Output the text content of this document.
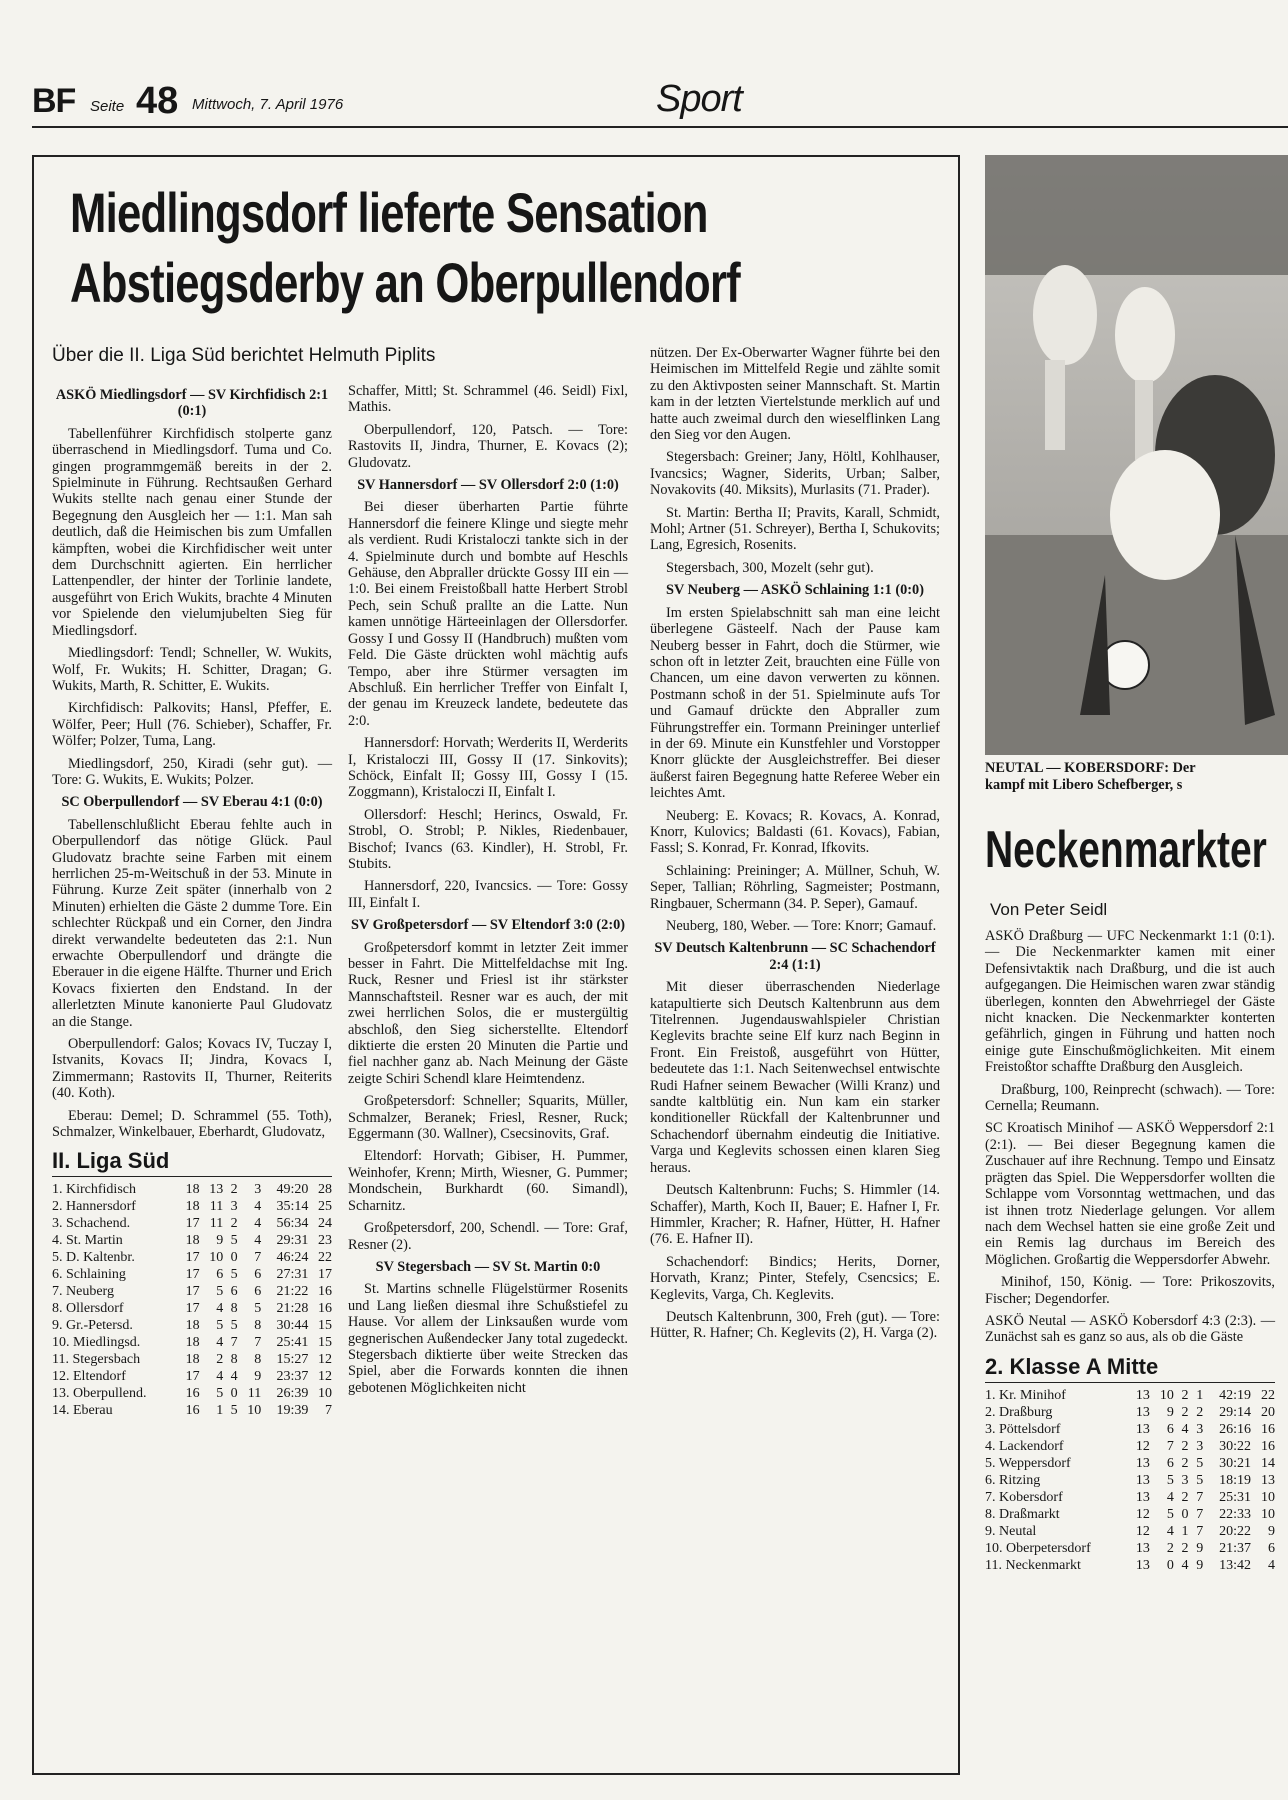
BF Seite 48 Mittwoch, 7. April 1976	Sport
Miedlingsdorf lieferte Sensation
Abstiegsderby an Oberpullendorf
Über die II. Liga Süd berichtet Helmuth Piplits
ASKÖ Miedlingsdorf — SV Kirchfidisch 2:1 (0:1)

Tabellenführer Kirchfidisch stolperte ganz überraschend in Miedlingsdorf. Tuma und Co. gingen programmgemäß bereits in der 2. Spielminute in Führung. Rechtsaußen Gerhard Wukits stellte nach genau einer Stunde der Begegnung den Ausgleich her — 1:1. Man sah deutlich, daß die Heimischen bis zum Umfallen kämpften, wobei die Kirchfidischer weit unter dem Durchschnitt agierten. Ein herrlicher Lattenpendler, der hinter der Torlinie landete, ausgeführt von Erich Wukits, brachte 4 Minuten vor Spielende den vielumjubelten Sieg für Miedlingsdorf.

Miedlingsdorf: Tendl; Schneller, W. Wukits, Wolf, Fr. Wukits; H. Schitter, Dragan; G. Wukits, Marth, R. Schitter, E. Wukits.

Kirchfidisch: Palkovits; Hansl, Pfeffer, E. Wölfer, Peer; Hull (76. Schieber), Schaffer, Fr. Wölfer; Polzer, Tuma, Lang.

Miedlingsdorf, 250, Kiradi (sehr gut). — Tore: G. Wukits, E. Wukits; Polzer.

SC Oberpullendorf — SV Eberau 4:1 (0:0)

Tabellenschlußlicht Eberau fehlte auch in Oberpullendorf das nötige Glück. Paul Gludovatz brachte seine Farben mit einem herrlichen 25-m-Weitschuß in der 53. Minute in Führung. Kurze Zeit später (innerhalb von 2 Minuten) erhielten die Gäste 2 dumme Tore. Ein schlechter Rückpaß und ein Corner, den Jindra direkt verwandelte bedeuteten das 2:1. Nun erwachte Oberpullendorf und drängte die Eberauer in die eigene Hälfte. Thurner und Erich Kovacs fixierten den Endstand. In der allerletzten Minute kanonierte Paul Gludovatz an die Stange.

Oberpullendorf: Galos; Kovacs IV, Tuczay I, Istvanits, Kovacs II; Jindra, Kovacs I, Zimmermann; Rastovits II, Thurner, Reiterits (40. Koth).

Eberau: Demel; D. Schrammel (55. Toth), Schmalzer, Winkelbauer, Eberhardt, Gludovatz,

II. Liga Süd
1. Kirchfidisch	18	13	2	3	49:20	28
2. Hannersdorf	18	11	3	4	35:14	25
3. Schachend.	17	11	2	4	56:34	24
4. St. Martin	18	9	5	4	29:31	23
5. D. Kaltenbr.	17	10	0	7	46:24	22
6. Schlaining	17	6	5	6	27:31	17
7. Neuberg	17	5	6	6	21:22	16
8. Ollersdorf	17	4	8	5	21:28	16
9. Gr.-Petersd.	18	5	5	8	30:44	15
10. Miedlingsd.	18	4	7	7	25:41	15
11. Stegersbach	18	2	8	8	15:27	12
12. Eltendorf	17	4	4	9	23:37	12
13. Oberpullend.	16	5	0	11	26:39	10
14. Eberau	16	1	5	10	19:39	7

Schaffer, Mittl; St. Schrammel (46. Seidl) Fixl, Mathis.

Oberpullendorf, 120, Patsch. — Tore: Rastovits II, Jindra, Thurner, E. Kovacs (2); Gludovatz.

SV Hannersdorf — SV Ollersdorf 2:0 (1:0)

Bei dieser überharten Partie führte Hannersdorf die feinere Klinge und siegte mehr als verdient. Rudi Kristaloczi tankte sich in der 4. Spielminute durch und bombte auf Heschls Gehäuse, den Abpraller drückte Gossy III ein — 1:0. Bei einem Freistoßball hatte Herbert Strobl Pech, sein Schuß prallte an die Latte. Nun kamen unnötige Härteeinlagen der Ollersdorfer. Gossy I und Gossy II (Handbruch) mußten vom Feld. Die Gäste drückten wohl mächtig aufs Tempo, aber ihre Stürmer versagten im Abschluß. Ein herrlicher Treffer von Einfalt I, der genau im Kreuzeck landete, bedeutete das 2:0.

Hannersdorf: Horvath; Werderits II, Werderits I, Kristaloczi III, Gossy II (17. Sinkovits); Schöck, Einfalt II; Gossy III, Gossy I (15. Zoggmann), Kristaloczi II, Einfalt I.

Ollersdorf: Heschl; Herincs, Oswald, Fr. Strobl, O. Strobl; P. Nikles, Riedenbauer, Bischof; Ivancs (63. Kindler), H. Strobl, Fr. Stubits.

Hannersdorf, 220, Ivancsics. — Tore: Gossy III, Einfalt I.

SV Großpetersdorf — SV Eltendorf 3:0 (2:0)

Großpetersdorf kommt in letzter Zeit immer besser in Fahrt. Die Mittelfeldachse mit Ing. Ruck, Resner und Friesl ist ihr stärkster Mannschaftsteil. Resner war es auch, der mit zwei herrlichen Solos, die er mustergültig abschloß, den Sieg sicherstellte. Eltendorf diktierte die ersten 20 Minuten die Partie und fiel nachher ganz ab. Nach Meinung der Gäste zeigte Schiri Schendl klare Heimtendenz.

Großpetersdorf: Schneller; Squarits, Müller, Schmalzer, Beranek; Friesl, Resner, Ruck; Eggermann (30. Wallner), Csecsinovits, Graf.

Eltendorf: Horvath; Gibiser, H. Pummer, Weinhofer, Krenn; Mirth, Wiesner, G. Pummer; Mondschein, Burkhardt (60. Simandl), Scharnitz.

Großpetersdorf, 200, Schendl. — Tore: Graf, Resner (2).

SV Stegersbach — SV St. Martin 0:0

St. Martins schnelle Flügelstürmer Rosenits und Lang ließen diesmal ihre Schußstiefel zu Hause. Vor allem der Linksaußen wurde vom gegnerischen Außendecker Jany total zugedeckt. Stegersbach diktierte über weite Strecken das Spiel, aber die Forwards konnten die ihnen gebotenen Möglichkeiten nicht

nützen. Der Ex-Oberwarter Wagner führte bei den Heimischen im Mittelfeld Regie und zählte somit zu den Aktivposten seiner Mannschaft. St. Martin kam in der letzten Viertelstunde merklich auf und hatte auch zweimal durch den wieselflinken Lang den Sieg vor den Augen.

Stegersbach: Greiner; Jany, Höltl, Kohlhauser, Ivancsics; Wagner, Siderits, Urban; Salber, Novakovits (40. Miksits), Murlasits (71. Prader).

St. Martin: Bertha II; Pravits, Karall, Schmidt, Mohl; Artner (51. Schreyer), Bertha I, Schukovits; Lang, Egresich, Rosenits.

Stegersbach, 300, Mozelt (sehr gut).

SV Neuberg — ASKÖ Schlaining 1:1 (0:0)

Im ersten Spielabschnitt sah man eine leicht überlegene Gästeelf. Nach der Pause kam Neuberg besser in Fahrt, doch die Stürmer, wie schon oft in letzter Zeit, brauchten eine Fülle von Chancen, um eine davon verwerten zu können. Postmann schoß in der 51. Spielminute aufs Tor und Gamauf drückte den Abpraller zum Führungstreffer ein. Tormann Preininger unterlief in der 69. Minute ein Kunstfehler und Vorstopper Knorr glückte der Ausgleichstreffer. Bei dieser äußerst fairen Begegnung hatte Referee Weber ein leichtes Amt.

Neuberg: E. Kovacs; R. Kovacs, A. Konrad, Knorr, Kulovics; Baldasti (61. Kovacs), Fabian, Fassl; S. Konrad, Fr. Konrad, Ifkovits.

Schlaining: Preininger; A. Müllner, Schuh, W. Seper, Tallian; Röhrling, Sagmeister; Postmann, Ringbauer, Schermann (34. P. Seper), Gamauf.

Neuberg, 180, Weber. — Tore: Knorr; Gamauf.

SV Deutsch Kaltenbrunn — SC Schachendorf 2:4 (1:1)

Mit dieser überraschenden Niederlage katapultierte sich Deutsch Kaltenbrunn aus dem Titelrennen. Jugendauswahlspieler Christian Keglevits brachte seine Elf kurz nach Beginn in Front. Ein Freistoß, ausgeführt von Hütter, bedeutete das 1:1. Nach Seitenwechsel entwischte Rudi Hafner seinem Bewacher (Willi Kranz) und sandte kaltblütig ein. Nun kam ein starker konditioneller Rückfall der Kaltenbrunner und Schachendorf übernahm eindeutig die Initiative. Varga und Keglevits schossen einen klaren Sieg heraus.

Deutsch Kaltenbrunn: Fuchs; S. Himmler (14. Schaffer), Marth, Koch II, Bauer; E. Hafner I, Fr. Himmler, Kracher; R. Hafner, Hütter, H. Hafner (76. E. Hafner II).

Schachendorf: Bindics; Herits, Dorner, Horvath, Kranz; Pinter, Stefely, Csencsics; E. Keglevits, Varga, Ch. Keglevits.

Deutsch Kaltenbrunn, 300, Freh (gut). — Tore: Hütter, R. Hafner; Ch. Keglevits (2), H. Varga (2).

NEUTAL — KOBERSDORF: Der
kampf mit Libero Schefberger, s
Neckenmarkter
Von Peter Seidl

ASKÖ Draßburg — UFC Neckenmarkt 1:1 (0:1). — Die Neckenmarkter kamen mit einer Defensivtaktik nach Draßburg, und die ist auch aufgegangen. Die Heimischen waren zwar ständig überlegen, konnten den Abwehrriegel der Gäste nicht knacken. Die Neckenmarkter konterten gefährlich, gingen in Führung und hatten noch einige gute Einschußmöglichkeiten. Mit einem Freistoßtor schaffte Draßburg den Ausgleich.

Draßburg, 100, Reinprecht (schwach). — Tore: Cernella; Reumann.

SC Kroatisch Minihof — ASKÖ Weppersdorf 2:1 (2:1). — Bei dieser Begegnung kamen die Zuschauer auf ihre Rechnung. Tempo und Einsatz prägten das Spiel. Die Weppersdorfer wollten die Schlappe vom Vorsonntag wettmachen, und das ist ihnen trotz Niederlage gelungen. Vor allem nach dem Wechsel hatten sie eine große Zeit und ein Remis lag durchaus im Bereich des Möglichen. Großartig die Weppersdorfer Abwehr.

Minihof, 150, König. — Tore: Prikoszovits, Fischer; Degendorfer.

ASKÖ Neutal — ASKÖ Kobersdorf 4:3 (2:3). — Zunächst sah es ganz so aus, als ob die Gäste

2. Klasse A Mitte
1. Kr. Minihof	13	10	2	1	42:19	22
2. Draßburg	13	9	2	2	29:14	20
3. Pöttelsdorf	13	6	4	3	26:16	16
4. Lackendorf	12	7	2	3	30:22	16
5. Weppersdorf	13	6	2	5	30:21	14
6. Ritzing	13	5	3	5	18:19	13
7. Kobersdorf	13	4	2	7	25:31	10
8. Draßmarkt	12	5	0	7	22:33	10
9. Neutal	12	4	1	7	20:22	9
10. Oberpetersdorf	13	2	2	9	21:37	6
11. Neckenmarkt	13	0	4	9	13:42	4
